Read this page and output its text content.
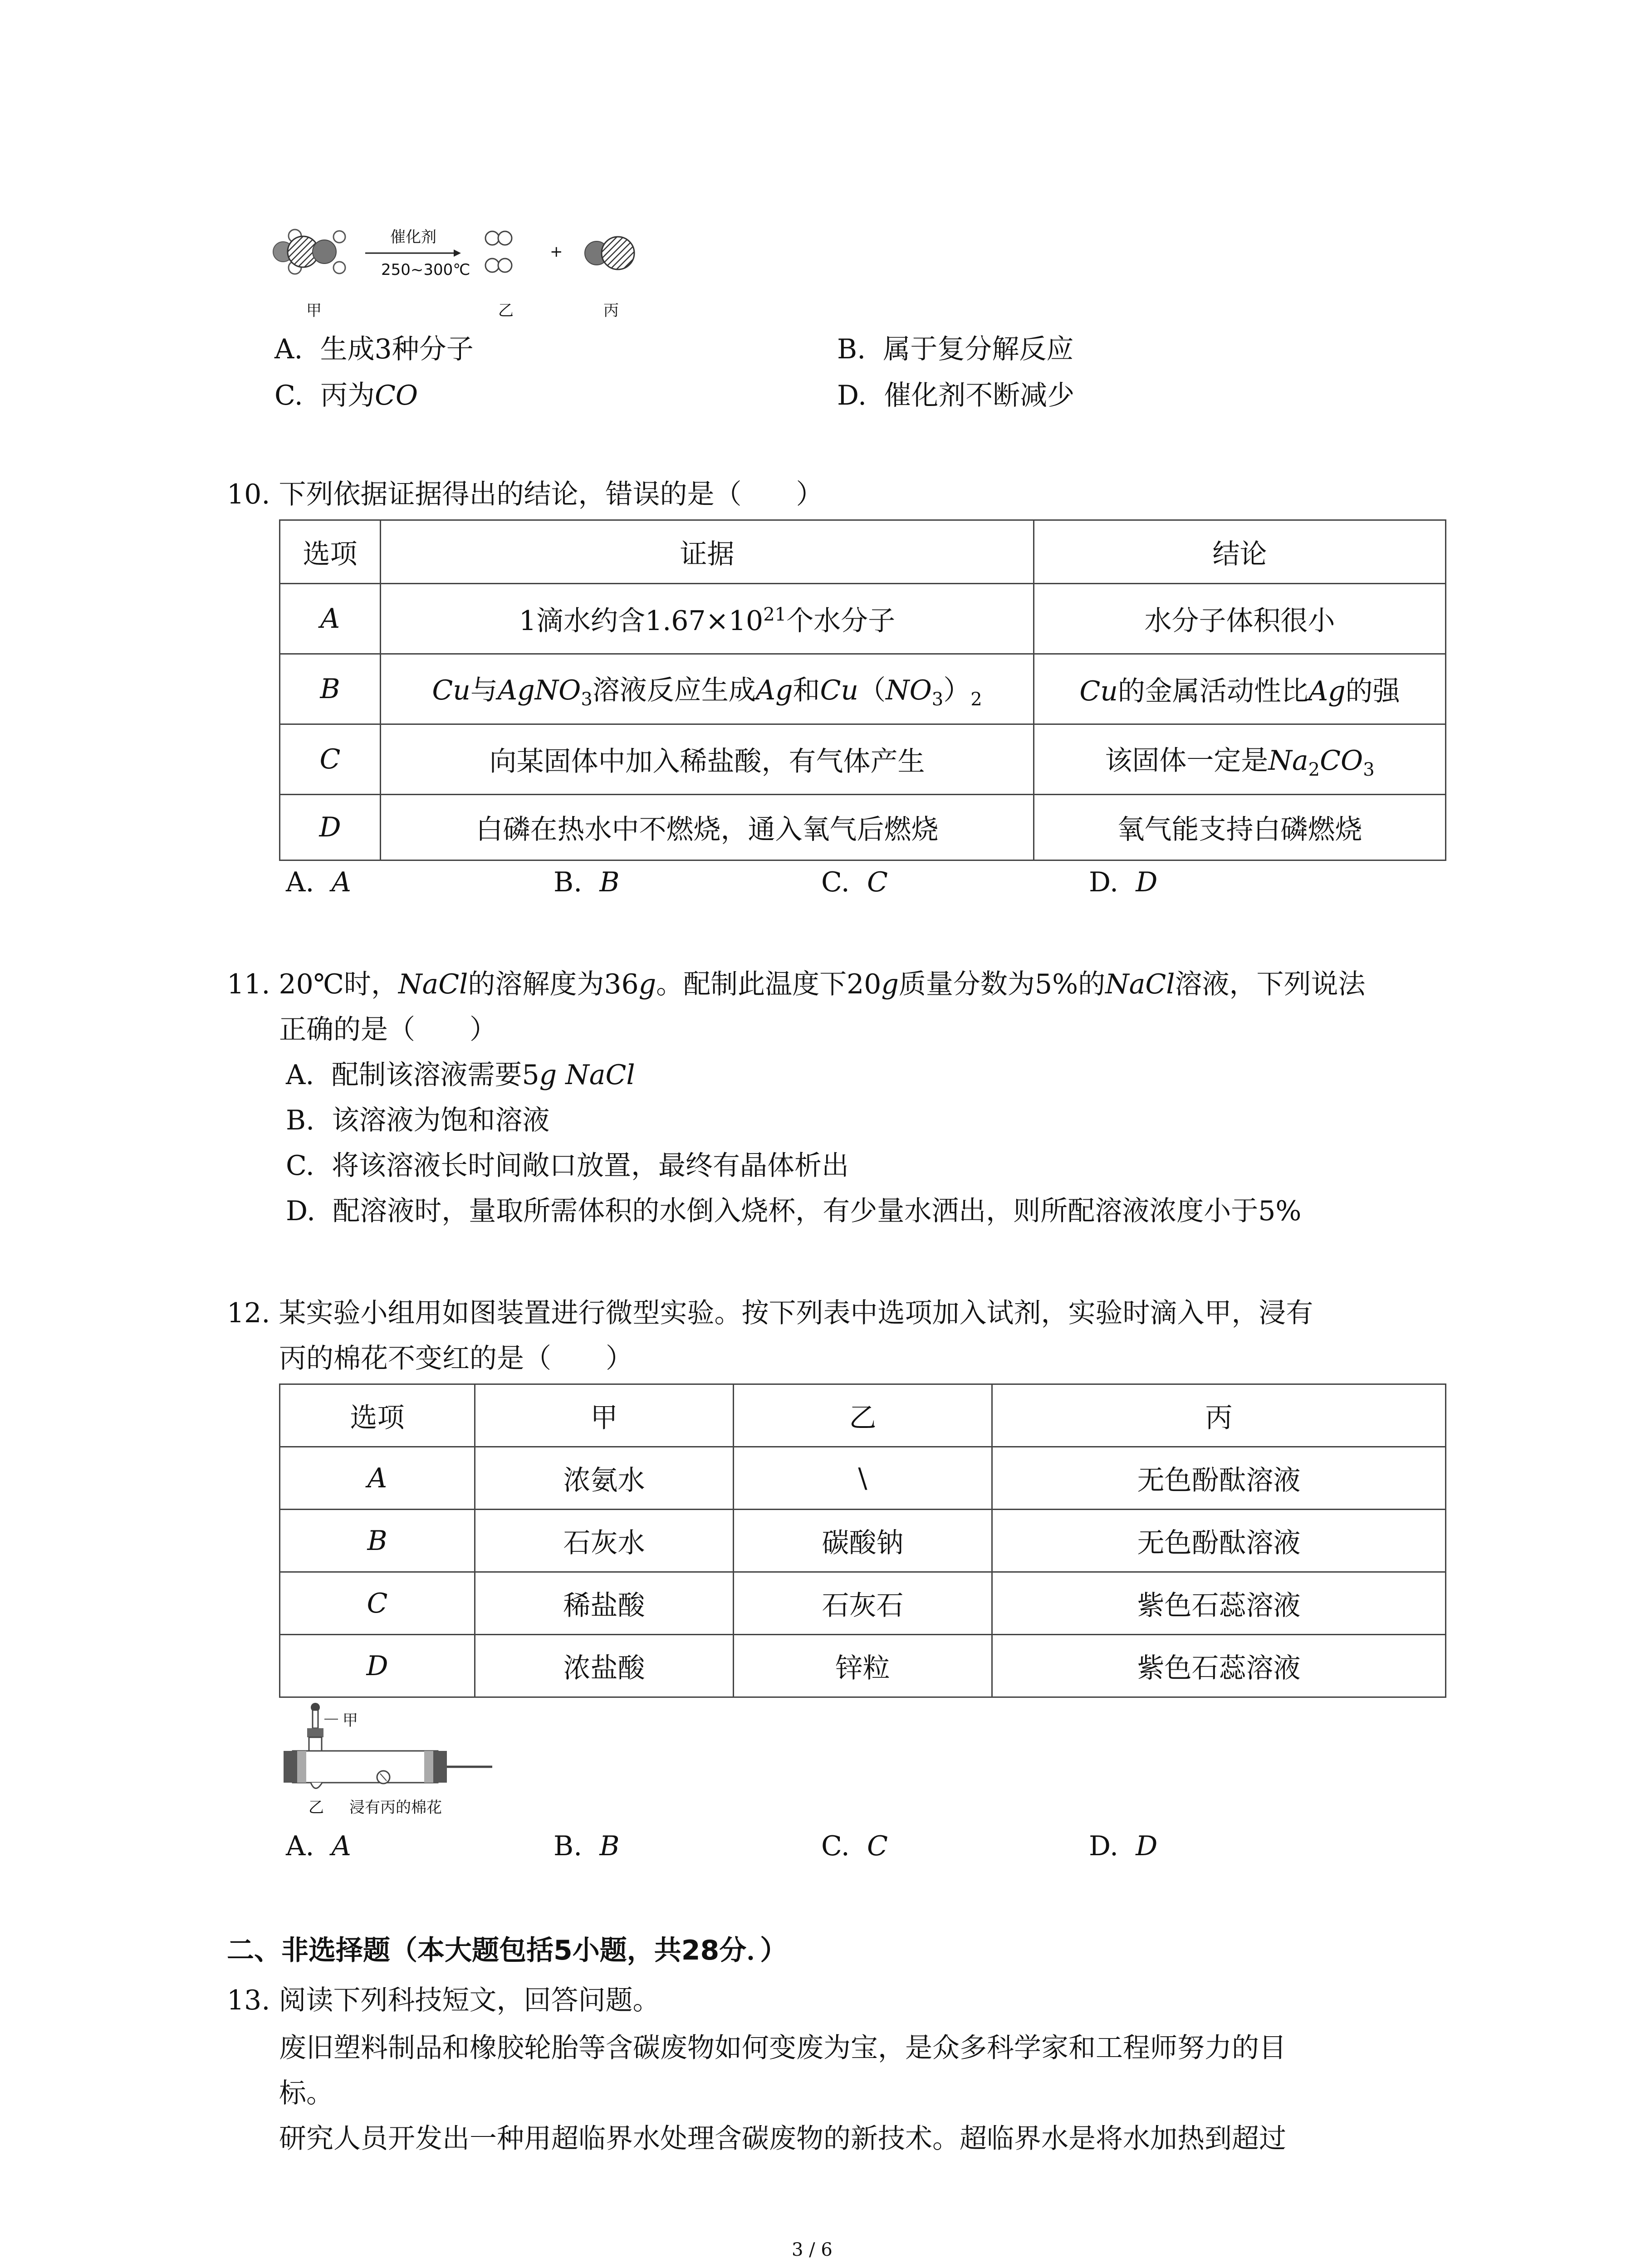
催化剂
250~300℃
+
甲	乙	丙
A. 生成3种分子	B. 属于复分解反应
C. 丙为CO	D. 催化剂不断减少
10. 下列依据证据得出的结论，错误的是（　　）
选项	证据	结论
A	1滴水约含$1.67\times 10^{21}$个水分子	水分子体积很小
B	Cu与AgNO$_3$溶液反应生成Ag和$Cu(NO_3)_2$	Cu的金属活动性比Ag的强
C	向某固体中加入稀盐酸，有气体产生	该固体一定是$Na_2CO_3$
D	白磷在热水中不燃烧，通入氧气后燃烧	氧气能支持白磷燃烧
A. A	B. B	C. C	D. D
11. 20℃时，NaCl的溶解度为36g。配制此温度下20g质量分数为5%的NaCl溶液，下列说法
正确的是（　　）
A. 配制该溶液需要5g NaCl
B. 该溶液为饱和溶液
C. 将该溶液长时间敞口放置，最终有晶体析出
D. 配溶液时，量取所需体积的水倒入烧杯，有少量水洒出，则所配溶液浓度小于5%
12. 某实验小组用如图装置进行微型实验。按下列表中选项加入试剂，实验时滴入甲，浸有
丙的棉花不变红的是（　　）
选项	甲	乙	丙
A	浓氨水	\	无色酚酞溶液
B	石灰水	碳酸钠	无色酚酞溶液
C	稀盐酸	石灰石	紫色石蕊溶液
D	浓盐酸	锌粒	紫色石蕊溶液
甲
乙 浸有丙的棉花
A. A	B. B	C. C	D. D
二、非选择题（本大题包括5小题，共28分．）
13. 阅读下列科技短文，回答问题。
废旧塑料制品和橡胶轮胎等含碳废物如何变废为宝，是众多科学家和工程师努力的目
标。
研究人员开发出一种用超临界水处理含碳废物的新技术。超临界水是将水加热到超过
3 / 6
